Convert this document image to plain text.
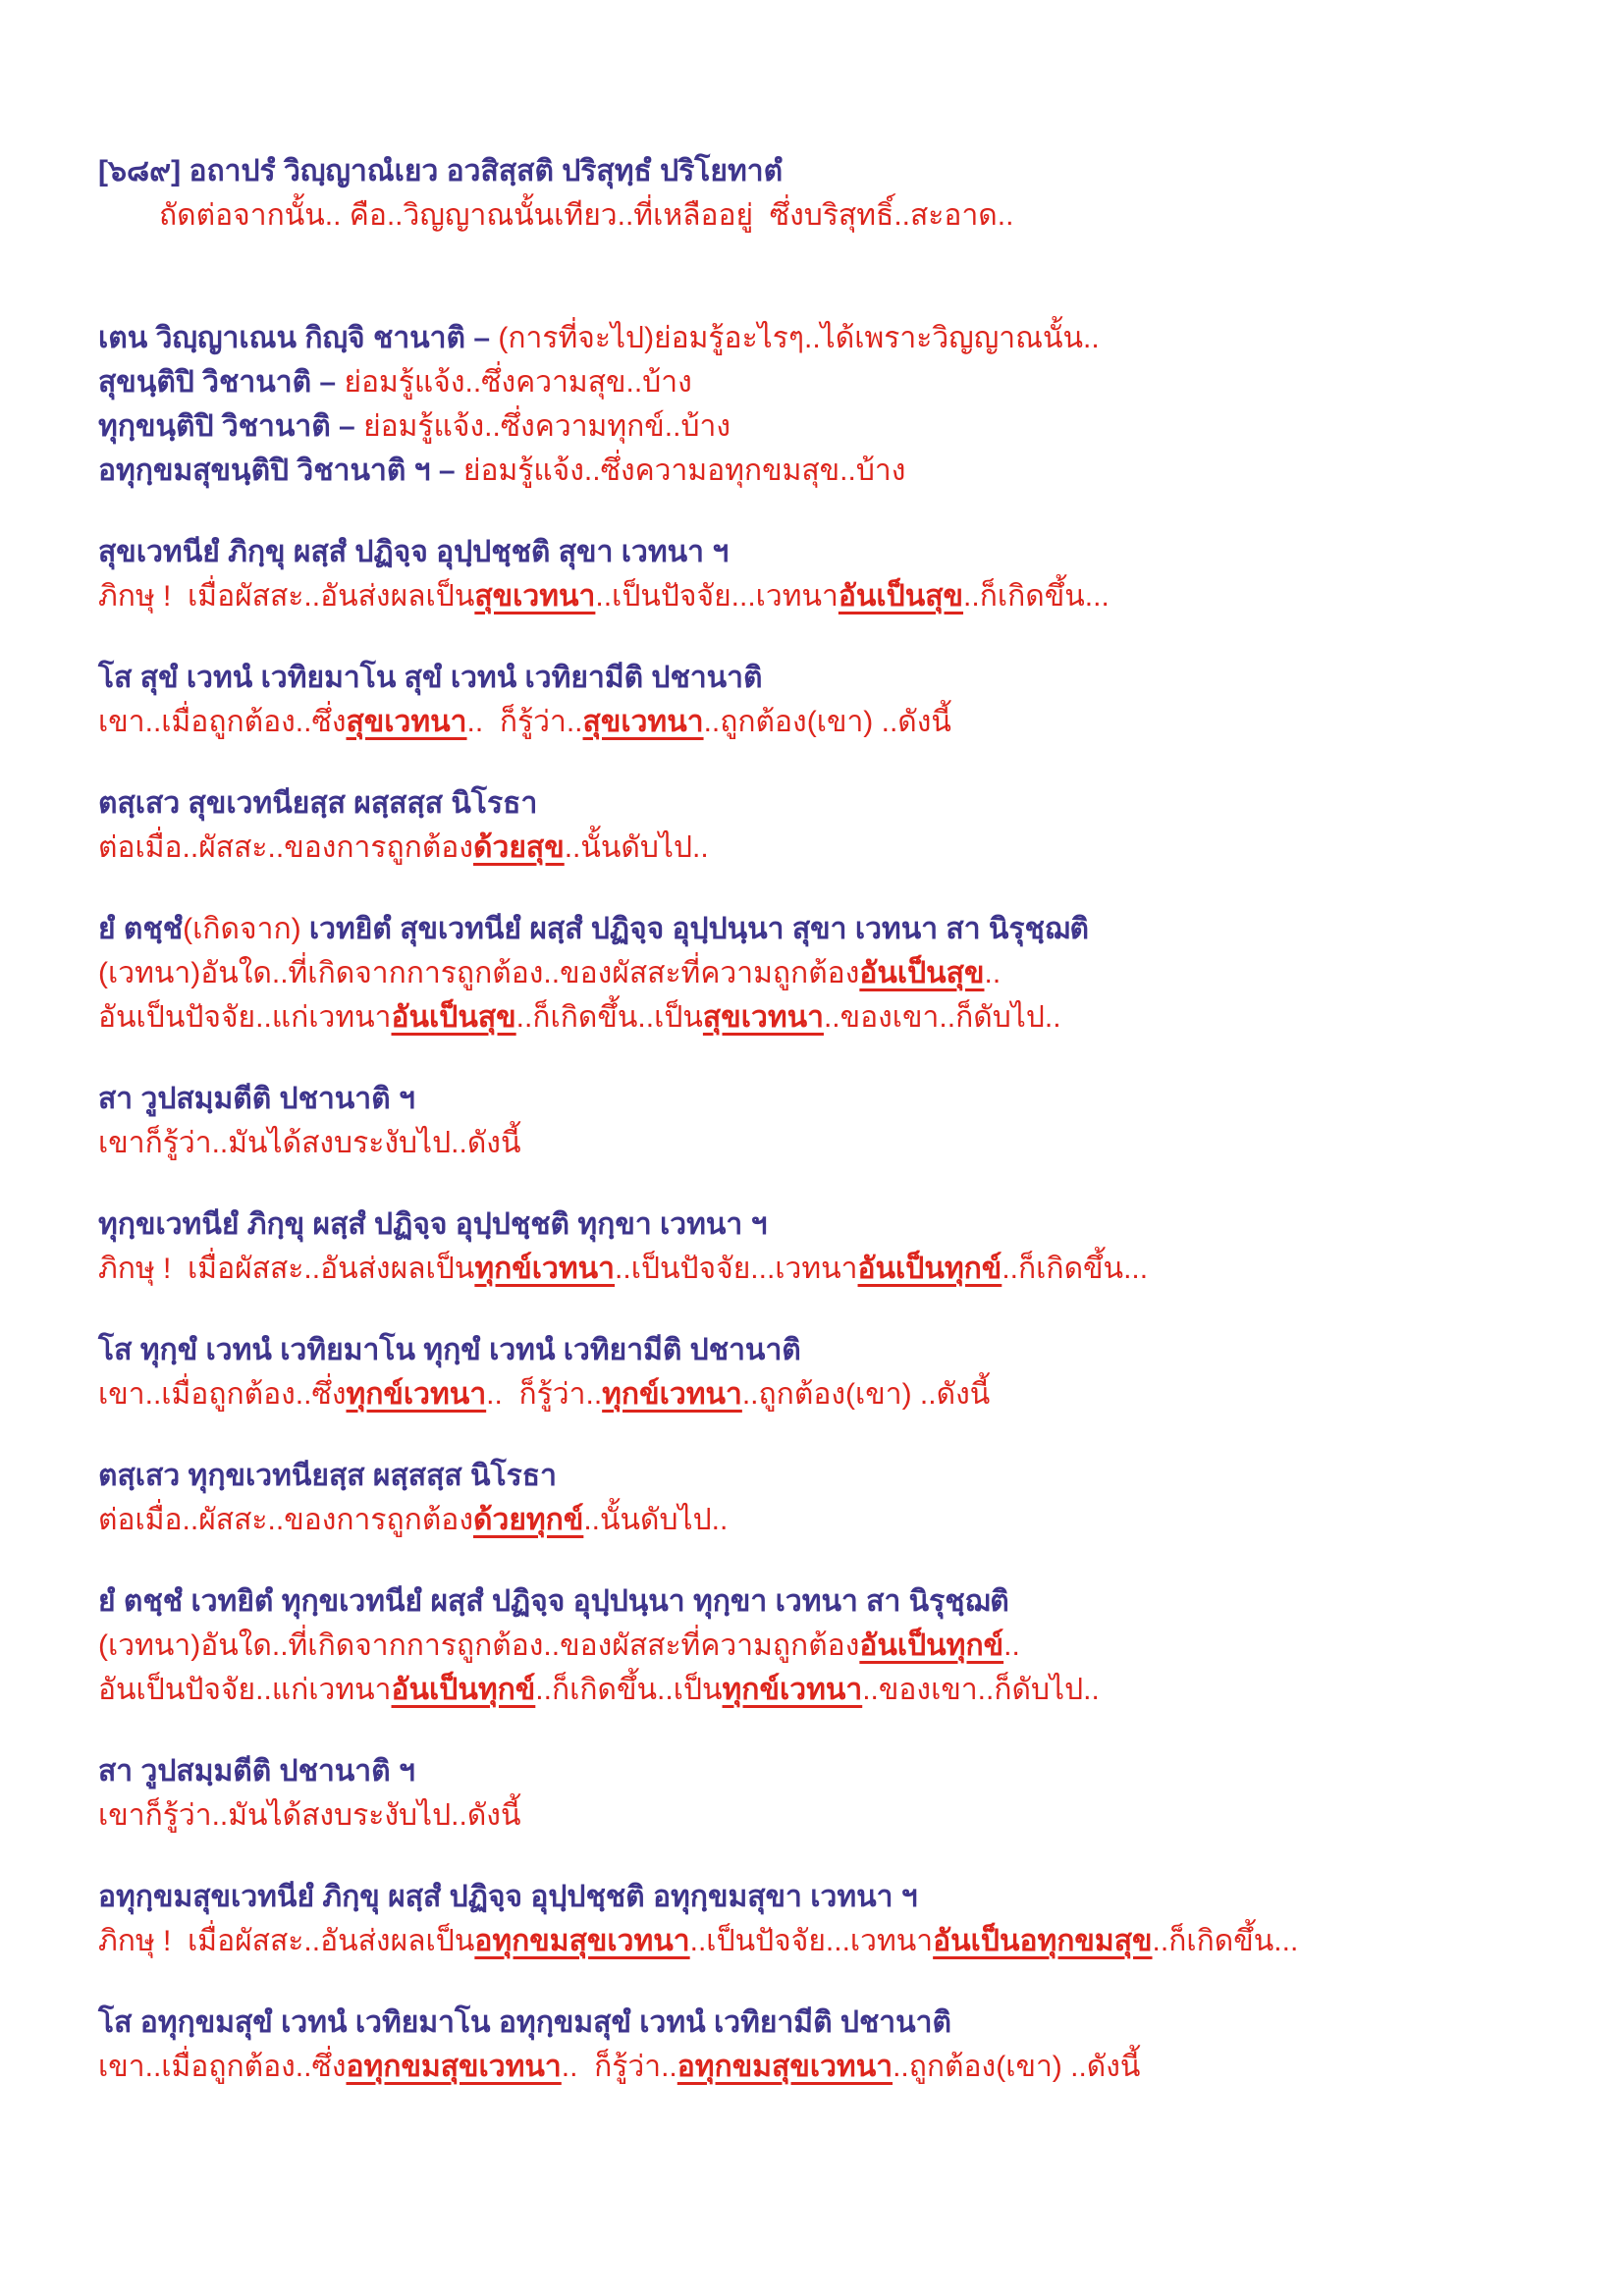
[๖๘๙] อถาปรํ วิญฺญาณํเยว อวสิสฺสติ ปริสุทฺธํ ปริโยทาตํ
ถัดต่อจากนั้น.. คือ..วิญญาณนั้นเทียว..ที่เหลืออยู่  ซึ่งบริสุทธิ์..สะอาด..
เตน วิญฺญาเณน กิญฺจิ ชานาติ – (การที่จะไป)ย่อมรู้อะไรๆ..ได้เพราะวิญญาณนั้น..
สุขนฺติปิ วิชานาติ – ย่อมรู้แจ้ง..ซึ่งความสุข..บ้าง
ทุกฺขนฺติปิ วิชานาติ – ย่อมรู้แจ้ง..ซึ่งความทุกข์..บ้าง
อทุกฺขมสุขนฺติปิ วิชานาติ ฯ – ย่อมรู้แจ้ง..ซึ่งความอทุกขมสุข..บ้าง
สุขเวทนียํ ภิกฺขุ ผสฺสํ ปฏิจฺจ อุปฺปชฺชติ สุขา เวทนา ฯ
ภิกษุ !  เมื่อผัสสะ..อันส่งผลเป็นสุขเวทนา..เป็นปัจจัย...เวทนาอันเป็นสุข..ก็เกิดขึ้น...
โส สุขํ เวทนํ เวทิยมาโน สุขํ เวทนํ เวทิยามีติ ปชานาติ
เขา..เมื่อถูกต้อง..ซึ่งสุขเวทนา..  ก็รู้ว่า..สุขเวทนา..ถูกต้อง(เขา) ..ดังนี้
ตสฺเสว สุขเวทนียสฺส ผสฺสสฺส นิโรธา
ต่อเมื่อ..ผัสสะ..ของการถูกต้องด้วยสุข..นั้นดับไป..
ยํ ตชฺชํ(เกิดจาก) เวทยิตํ สุขเวทนียํ ผสฺสํ ปฏิจฺจ อุปฺปนฺนา สุขา เวทนา สา นิรุชฺฌติ
(เวทนา)อันใด..ที่เกิดจากการถูกต้อง..ของผัสสะที่ความถูกต้องอันเป็นสุข..
อันเป็นปัจจัย..แก่เวทนาอันเป็นสุข..ก็เกิดขึ้น..เป็นสุขเวทนา..ของเขา..ก็ดับไป..
สา วูปสมฺมตีติ ปชานาติ ฯ
เขาก็รู้ว่า..มันได้สงบระงับไป..ดังนี้
ทุกฺขเวทนียํ ภิกฺขุ ผสฺสํ ปฏิจฺจ อุปฺปชฺชติ ทุกฺขา เวทนา ฯ
ภิกษุ !  เมื่อผัสสะ..อันส่งผลเป็นทุกข์เวทนา..เป็นปัจจัย...เวทนาอันเป็นทุกข์..ก็เกิดขึ้น...
โส ทุกฺขํ เวทนํ เวทิยมาโน ทุกฺขํ เวทนํ เวทิยามีติ ปชานาติ
เขา..เมื่อถูกต้อง..ซึ่งทุกข์เวทนา..  ก็รู้ว่า..ทุกข์เวทนา..ถูกต้อง(เขา) ..ดังนี้
ตสฺเสว ทุกฺขเวทนียสฺส ผสฺสสฺส นิโรธา
ต่อเมื่อ..ผัสสะ..ของการถูกต้องด้วยทุกข์..นั้นดับไป..
ยํ ตชฺชํ เวทยิตํ ทุกฺขเวทนียํ ผสฺสํ ปฏิจฺจ อุปฺปนฺนา ทุกฺขา เวทนา สา นิรุชฺฌติ
(เวทนา)อันใด..ที่เกิดจากการถูกต้อง..ของผัสสะที่ความถูกต้องอันเป็นทุกข์..
อันเป็นปัจจัย..แก่เวทนาอันเป็นทุกข์..ก็เกิดขึ้น..เป็นทุกข์เวทนา..ของเขา..ก็ดับไป..
สา วูปสมฺมตีติ ปชานาติ ฯ
เขาก็รู้ว่า..มันได้สงบระงับไป..ดังนี้
อทุกฺขมสุขเวทนียํ ภิกฺขุ ผสฺสํ ปฏิจฺจ อุปฺปชฺชติ อทุกฺขมสุขา เวทนา ฯ
ภิกษุ !  เมื่อผัสสะ..อันส่งผลเป็นอทุกขมสุขเวทนา..เป็นปัจจัย...เวทนาอันเป็นอทุกขมสุข..ก็เกิดขึ้น...
โส อทุกฺขมสุขํ เวทนํ เวทิยมาโน อทุกฺขมสุขํ เวทนํ เวทิยามีติ ปชานาติ
เขา..เมื่อถูกต้อง..ซึ่งอทุกขมสุขเวทนา..  ก็รู้ว่า..อทุกขมสุขเวทนา..ถูกต้อง(เขา) ..ดังนี้
